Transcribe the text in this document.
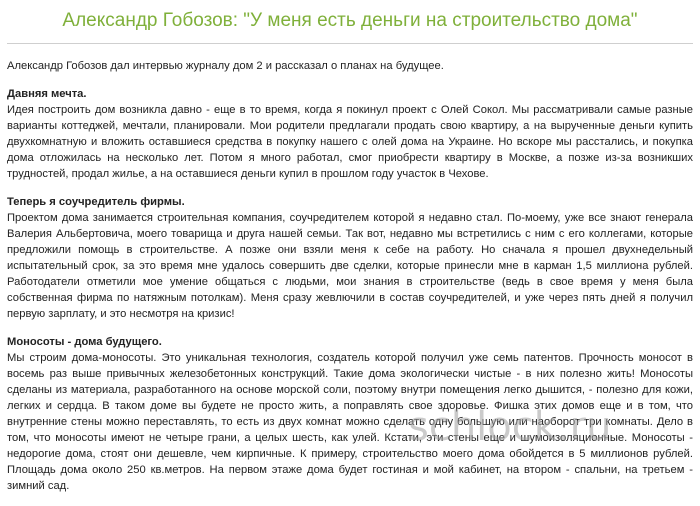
Александр Гобозов: "У меня есть деньги на строительство дома"

Александр Гобозов дал интервью журналу дом 2 и рассказал о планах на будущее.

Давняя мечта.

Идея построить дом возникла давно - еще в то время, когда я покинул проект с Олей Сокол. Мы рассматривали самые разные варианты коттеджей, мечтали, планировали. Мои родители предлагали продать свою квартиру, а на вырученные деньги купить двухкомнатную и вложить оставшиеся средства в покупку нашего с олей дома на Украине. Но вскоре мы расстались, и покупка дома отложилась на несколько лет. Потом я много работал, смог приобрести квартиру в Москве, а позже из-за возникших трудностей, продал жилье, а на оставшиеся деньги купил в прошлом году участок в Чехове.

Теперь я соучредитель фирмы.

Проектом дома занимается строительная компания, соучредителем которой я недавно стал. По-моему, уже все знают генерала Валерия Альбертовича, моего товарища и друга нашей семьи. Так вот, недавно мы встретились с ним с его коллегами, которые предложили помощь в строительстве. А позже они взяли меня к себе на работу. Но сначала я прошел двухнедельный испытательный срок, за это время мне удалось совершить две сделки, которые принесли мне в карман 1,5 миллиона рублей. Работодатели отметили мое умение общаться с людьми, мои знания в строительстве (ведь в свое время у меня была собственная фирма по натяжным потолкам). Меня сразу жевлючили в состав соучредителей, и уже через пять дней я получил первую зарплату, и это несмотря на кризис!

Моносоты - дома будущего.

Мы строим дома-моносоты. Это уникальная технология, создатель которой получил уже семь патентов. Прочность моносот в восемь раз выше привычных железобетонных конструкций. Такие дома экологически чистые - в них полезно жить! Моносоты сделаны из материала, разработанного на основе морской соли, поэтому внутри помещения легко дышится, - полезно для кожи, легких и сердца. В таком доме вы будете не просто жить, а поправлять свое здоровье. Фишка этих домов еще и в том, что внутренние стены можно переставлять, то есть из двух комнат можно сделать одну большую или наоборот три комнаты. Дело в том, что моносоты имеют не четыре грани, а целых шесть, как улей. Кстати, эти стены еще и шумоизоляционные. Моносоты - недорогие дома, стоят они дешевле, чем кирпичные. К примеру, строительство моего дома обойдется в 5 миллионов рублей. Площадь дома около 250 кв.метров. На первом этаже дома будет гостиная и мой кабинет, на втором - спальни, на третьем - зимний сад.

schlock.ru
